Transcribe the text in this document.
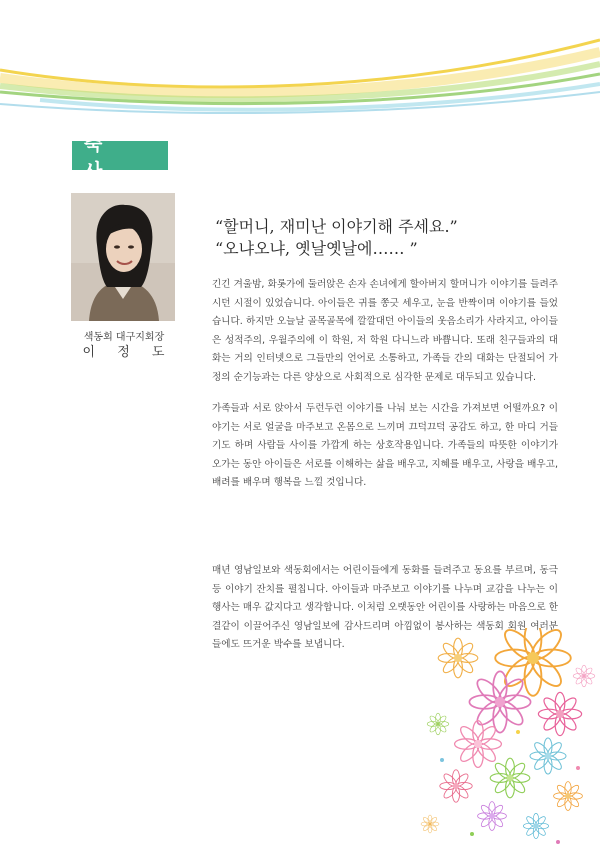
축 사
색동회 대구지회장
이 정 도
“할머니, 재미난 이야기해 주세요.”
“오냐오냐, 옛날옛날에…… ”
긴긴 겨울밤, 화롯가에 둘러앉은 손자 손녀에게 할아버지 할머니가 이야기를 들려주시던 시절이 있었습니다. 아이들은 귀를 쫑긋 세우고, 눈을 반짝이며 이야기를 들었습니다. 하지만 오늘날 골목골목에 깔깔대던 아이들의 웃음소리가 사라지고, 아이들은 성적주의, 우월주의에 이 학원, 저 학원 다니느라 바쁩니다. 또래 친구들과의 대화는 거의 인터넷으로 그들만의 언어로 소통하고, 가족들 간의 대화는 단절되어 가정의 순기능과는 다른 양상으로 사회적으로 심각한 문제로 대두되고 있습니다.
가족들과 서로 앉아서 두런두런 이야기를 나눠 보는 시간을 가져보면 어떨까요? 이야기는 서로 얼굴을 마주보고 온몸으로 느끼며 끄덕끄덕 공감도 하고, 한 마디 거들기도 하며 사람들 사이를 가깝게 하는 상호작용입니다. 가족들의 따뜻한 이야기가 오가는 동안 아이들은 서로를 이해하는 삶을 배우고, 지혜를 배우고, 사랑을 배우고, 배려를 배우며 행복을 느낄 것입니다.
매년 영남일보와 색동회에서는 어린이들에게 동화를 들려주고 동요를 부르며, 동극 등 이야기 잔치를 펼칩니다. 아이들과 마주보고 이야기를 나누며 교감을 나누는 이 행사는 매우 값지다고 생각합니다. 이처럼 오랫동안 어린이를 사랑하는 마음으로 한결같이 이끌어주신 영남일보에 감사드리며 아낌없이 봉사하는 색동회 회원 여러분들에도 뜨거운 박수를 보냅니다.
